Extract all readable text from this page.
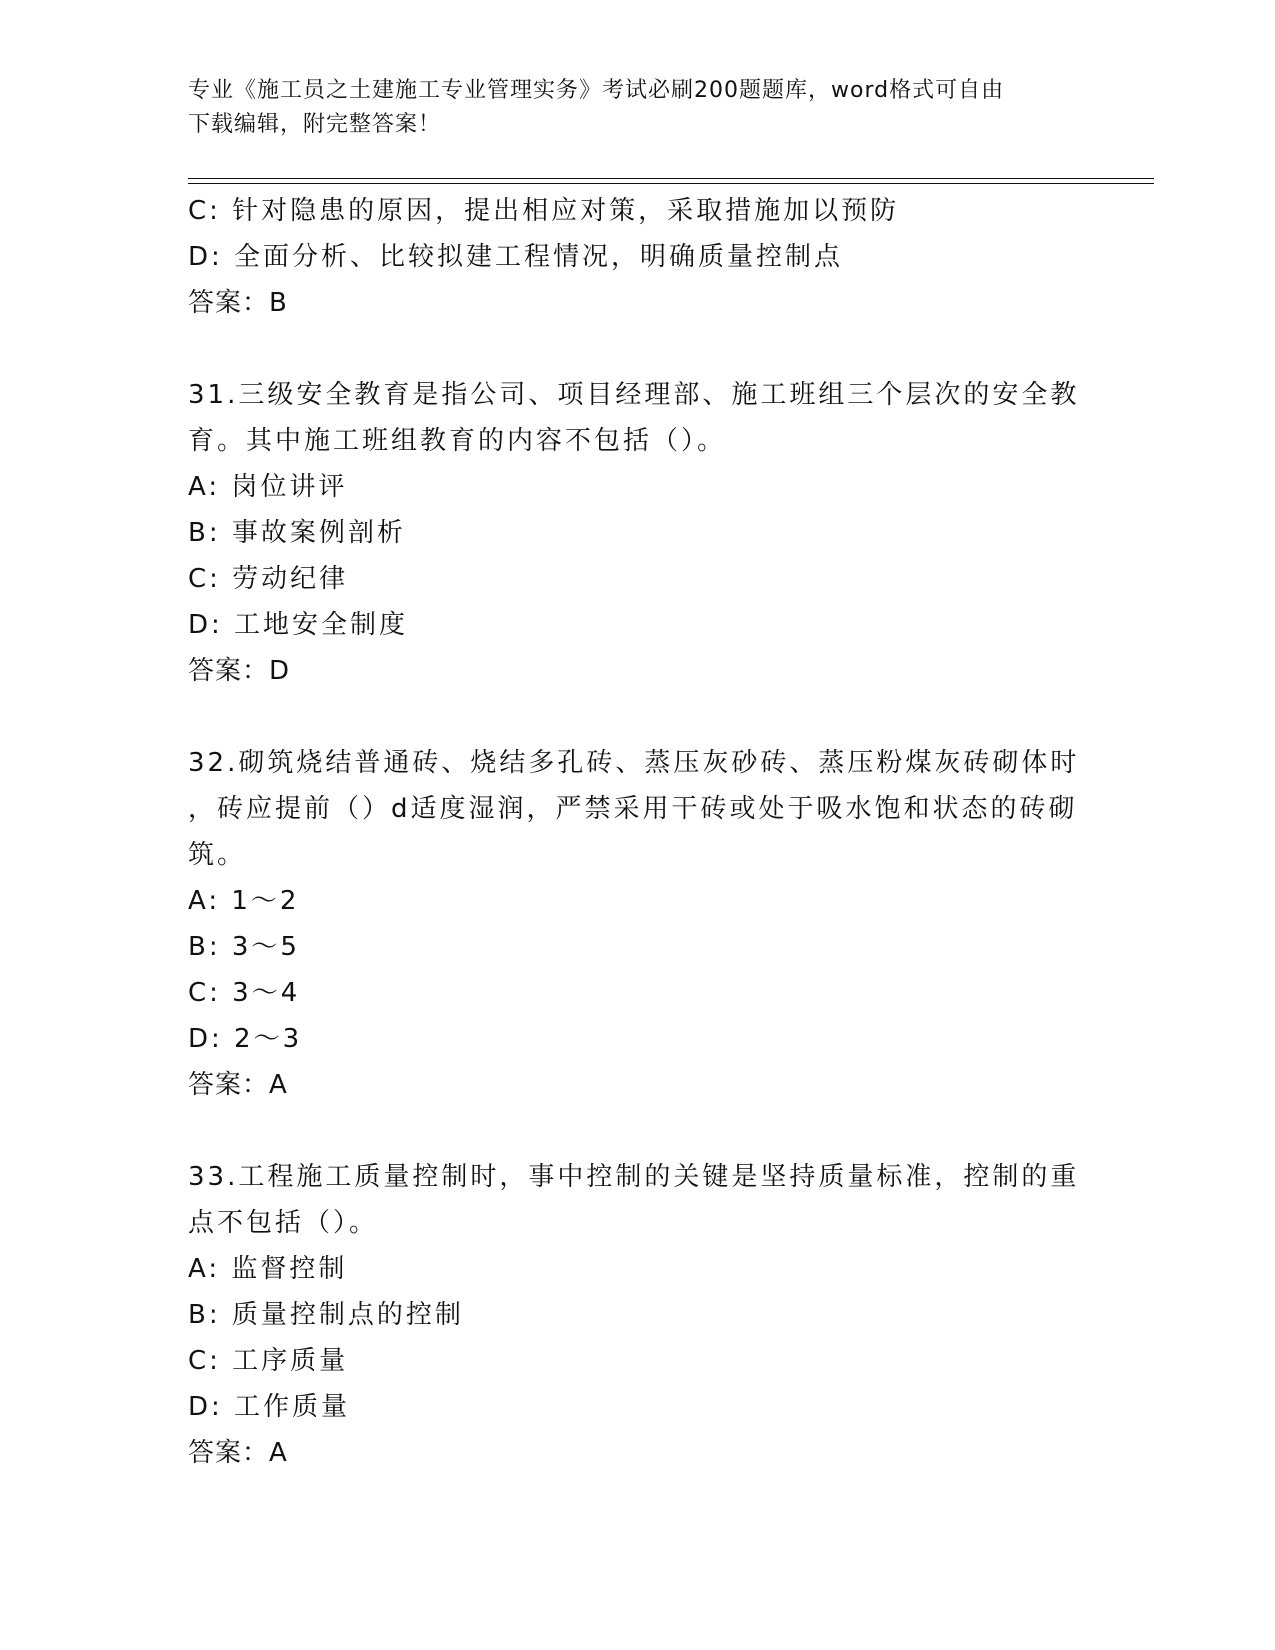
专业《施工员之土建施工专业管理实务》考试必刷200题题库，word格式可自由
下载编辑，附完整答案！
C: 针对隐患的原因，提出相应对策，采取措施加以预防
D: 全面分析、比较拟建工程情况，明确质量控制点
答案：B
31.三级安全教育是指公司、项目经理部、施工班组三个层次的安全教
育。其中施工班组教育的内容不包括（）。
A: 岗位讲评
B: 事故案例剖析
C: 劳动纪律
D: 工地安全制度
答案：D
32.砌筑烧结普通砖、烧结多孔砖、蒸压灰砂砖、蒸压粉煤灰砖砌体时
，砖应提前（）d适度湿润，严禁采用干砖或处于吸水饱和状态的砖砌
筑。
A: 1～2
B: 3～5
C: 3～4
D: 2～3
答案：A
33.工程施工质量控制时，事中控制的关键是坚持质量标准，控制的重
点不包括（）。
A: 监督控制
B: 质量控制点的控制
C: 工序质量
D: 工作质量
答案：A
